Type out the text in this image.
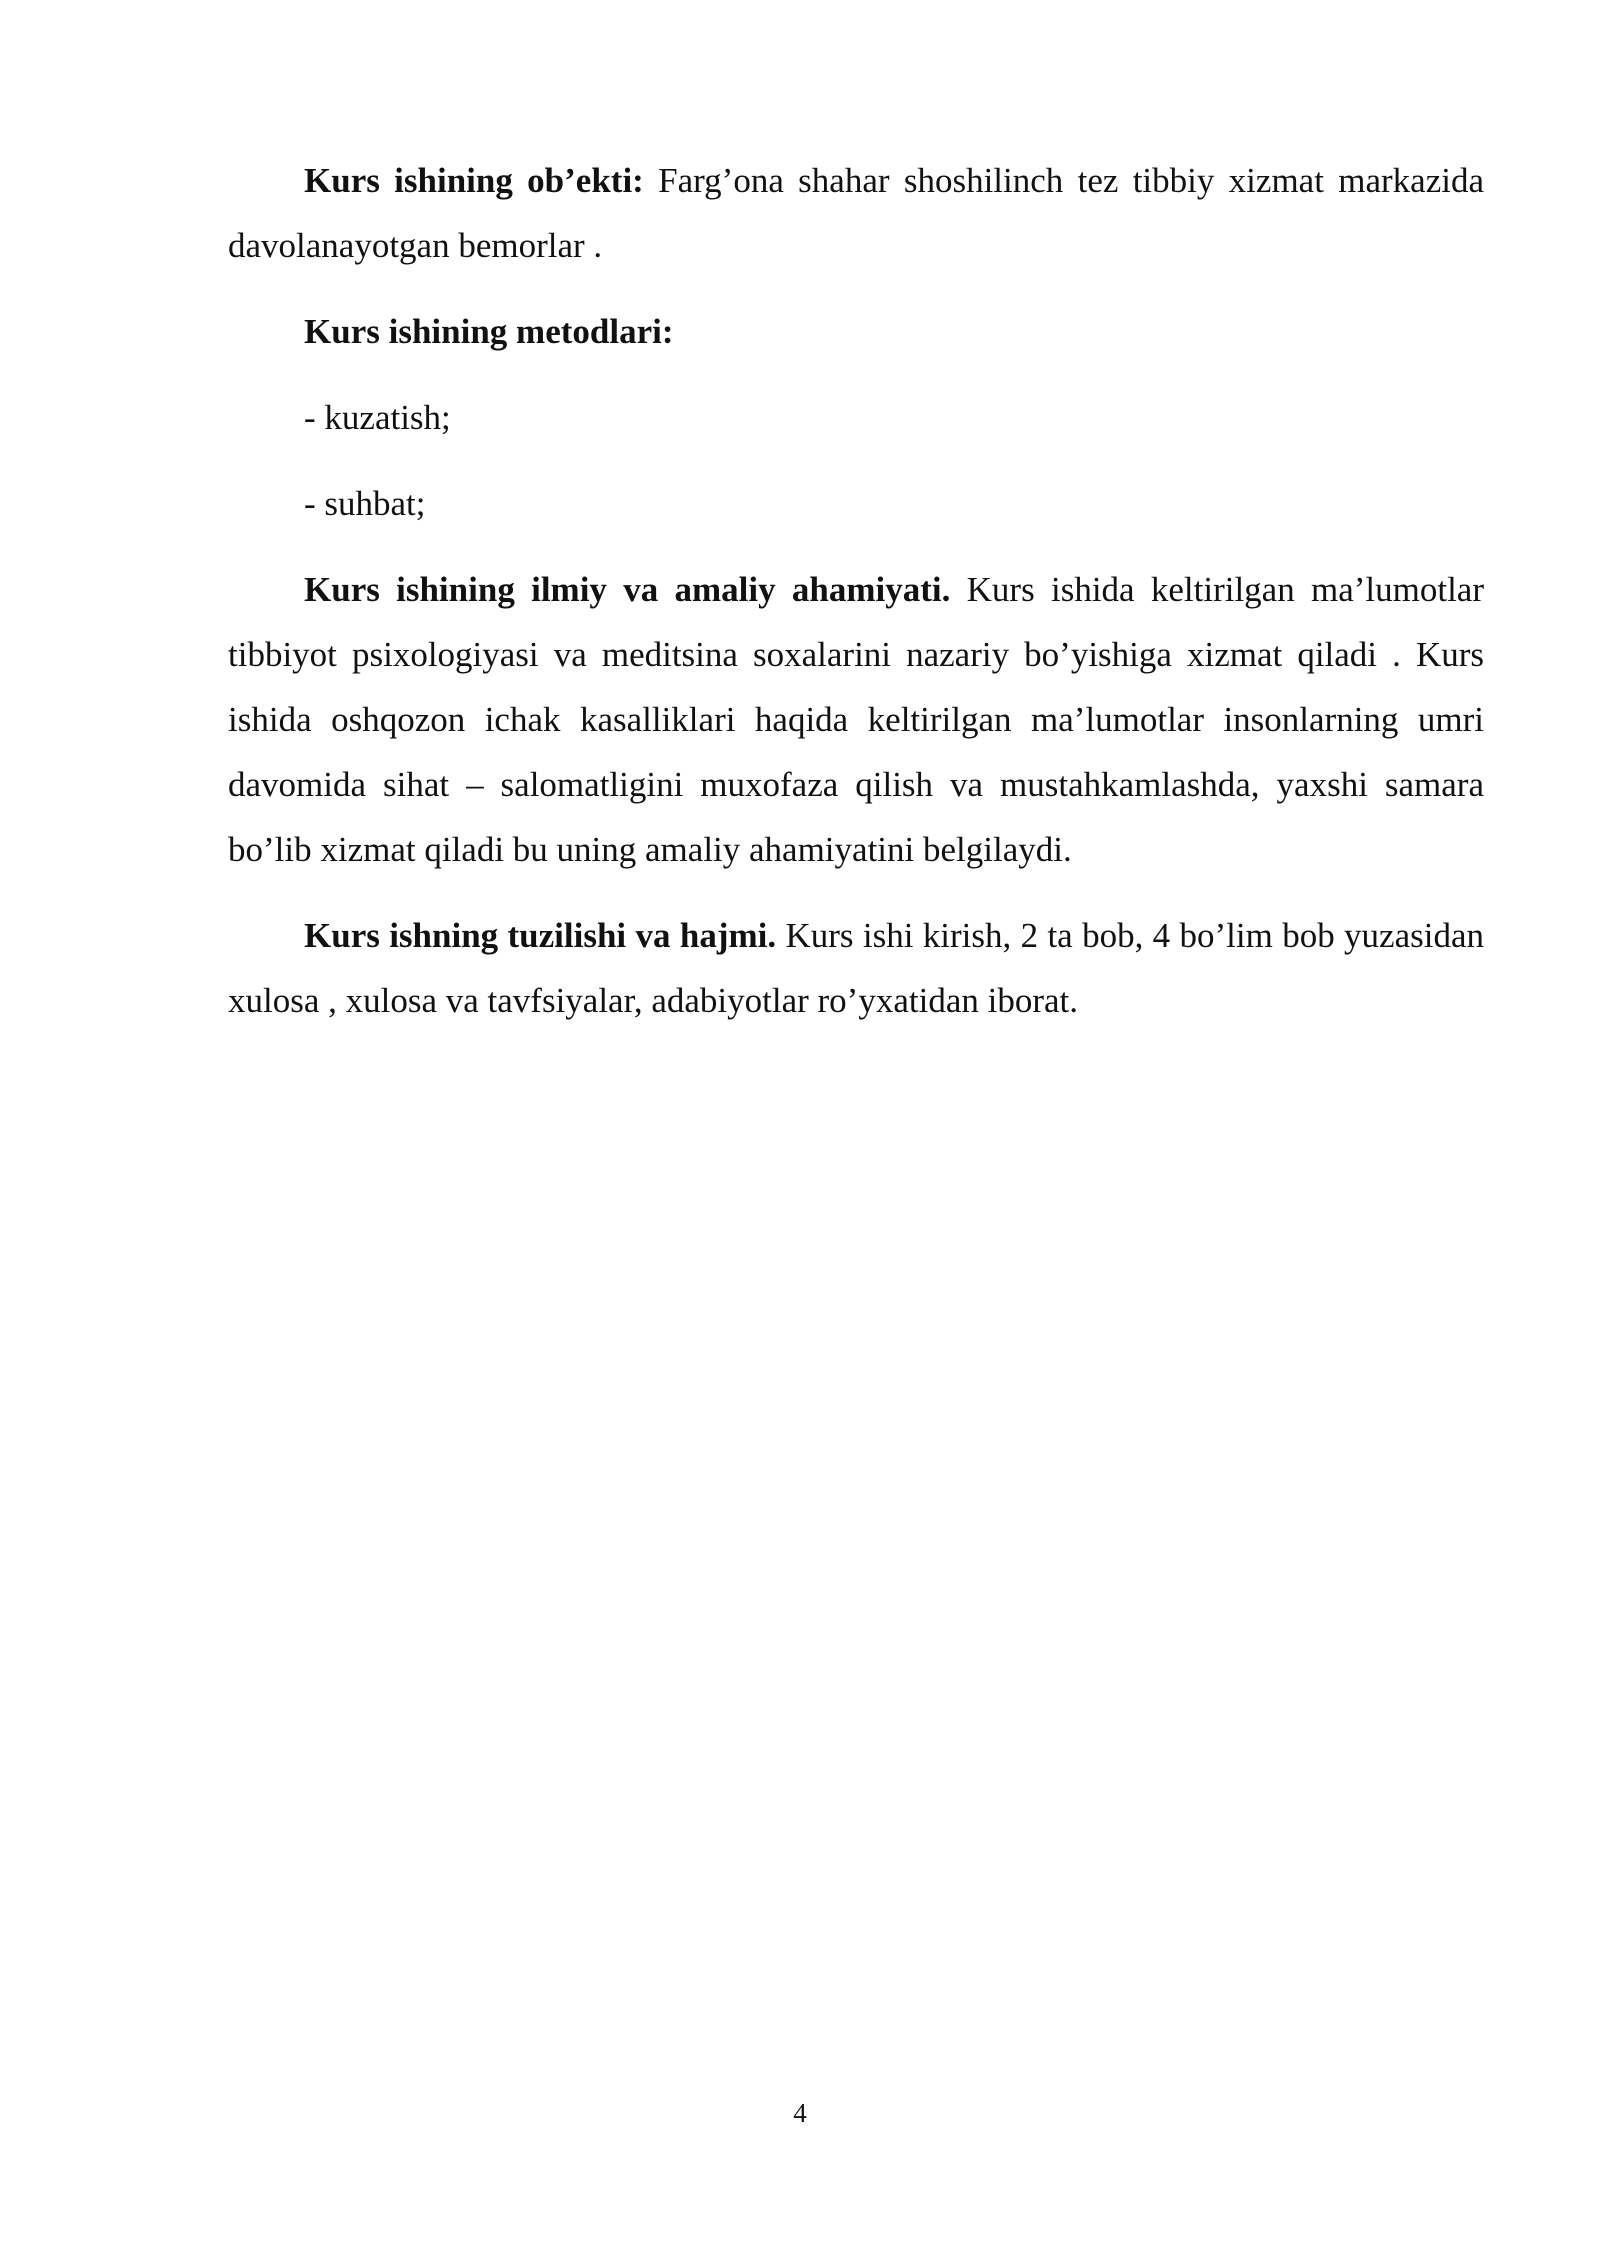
Kurs ishining ob’ekti: Farg’ona shahar shoshilinch tez tibbiy xizmat markazida davolanayotgan bemorlar .

Kurs ishining metodlari:

- kuzatish;

- suhbat;

Kurs ishining ilmiy va amaliy ahamiyati. Kurs ishida keltirilgan ma’lumotlar tibbiyot psixologiyasi va meditsina soxalarini nazariy bo’yishiga xizmat qiladi . Kurs ishida oshqozon ichak kasalliklari haqida keltirilgan ma’lumotlar insonlarning umri davomida sihat – salomatligini muxofaza qilish va mustahkamlashda, yaxshi samara bo’lib xizmat qiladi bu uning amaliy ahamiyatini belgilaydi.

Kurs ishning tuzilishi va hajmi. Kurs ishi kirish, 2 ta bob, 4 bo’lim bob yuzasidan xulosa , xulosa va tavfsiyalar, adabiyotlar ro’yxatidan iborat.

4
